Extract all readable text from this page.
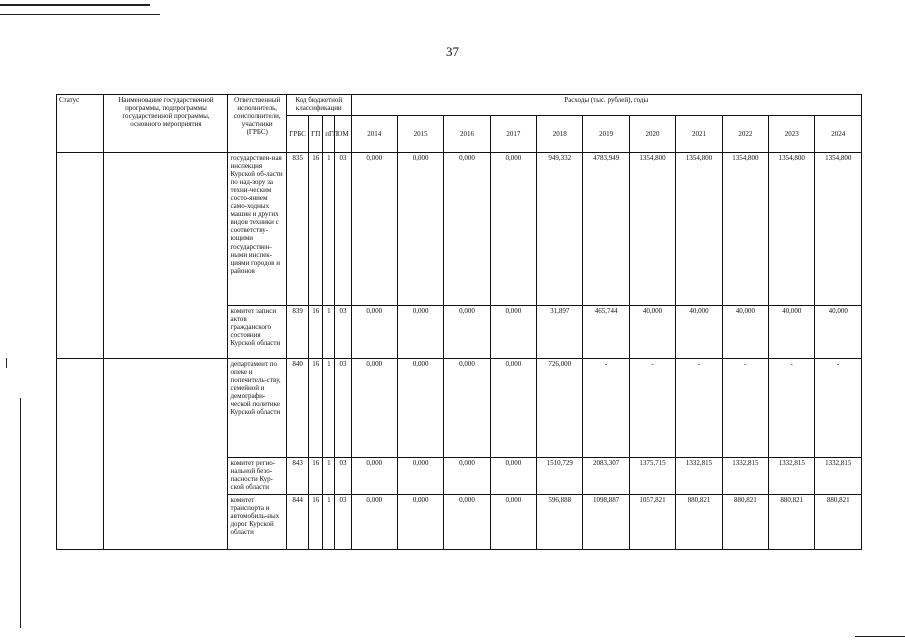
37
Статус	Наименование государственной программы, подпрограммы государственной программы, основного мероприятия	Ответственный исполнитель, соисполнители, участники (ГРБС)	Код бюджетной классификации				Расходы (тыс. рублей), годы										
			ГРБС	ГП	пГП	ОМ	2014	2015	2016	2017	2018	2019	2020	2021	2022	2023	2024
		государствен-ная инспекция Курской об-ласти по над-зору за техни-ческим состо-янием само-ходных машин и других видов техники с соответству-ющими государствен-ными инспек-циями городов и районов	835	16	1	03	0,000	0,000	0,000	0,000	949,332	4783,949	1354,800	1354,800	1354,800	1354,800	1354,800
		комитет записи актов гражданского состояния Курской области	839	16	1	03	0,000	0,000	0,000	0,000	31,897	465,744	40,000	40,000	40,000	40,000	40,000
		департамент по опеке и попечитель-ству, семейной и демографи-ческой политике Курской области	840	16	1	03	0,000	0,000	0,000	0,000	726,000	-	-	-	-	-	-
		комитет регио-нальной безо-пасности Кур-ской области	843	16	1	03	0,000	0,000	0,000	0,000	1510,729	2083,307	1375,715	1332,815	1332,815	1332,815	1332,815
		комитет транспорта и автомобиль-ных дорог Курской области	844	16	1	03	0,000	0,000	0,000	0,000	596,888	1098,887	1057,821	880,821	880,821	880,821	880,821
